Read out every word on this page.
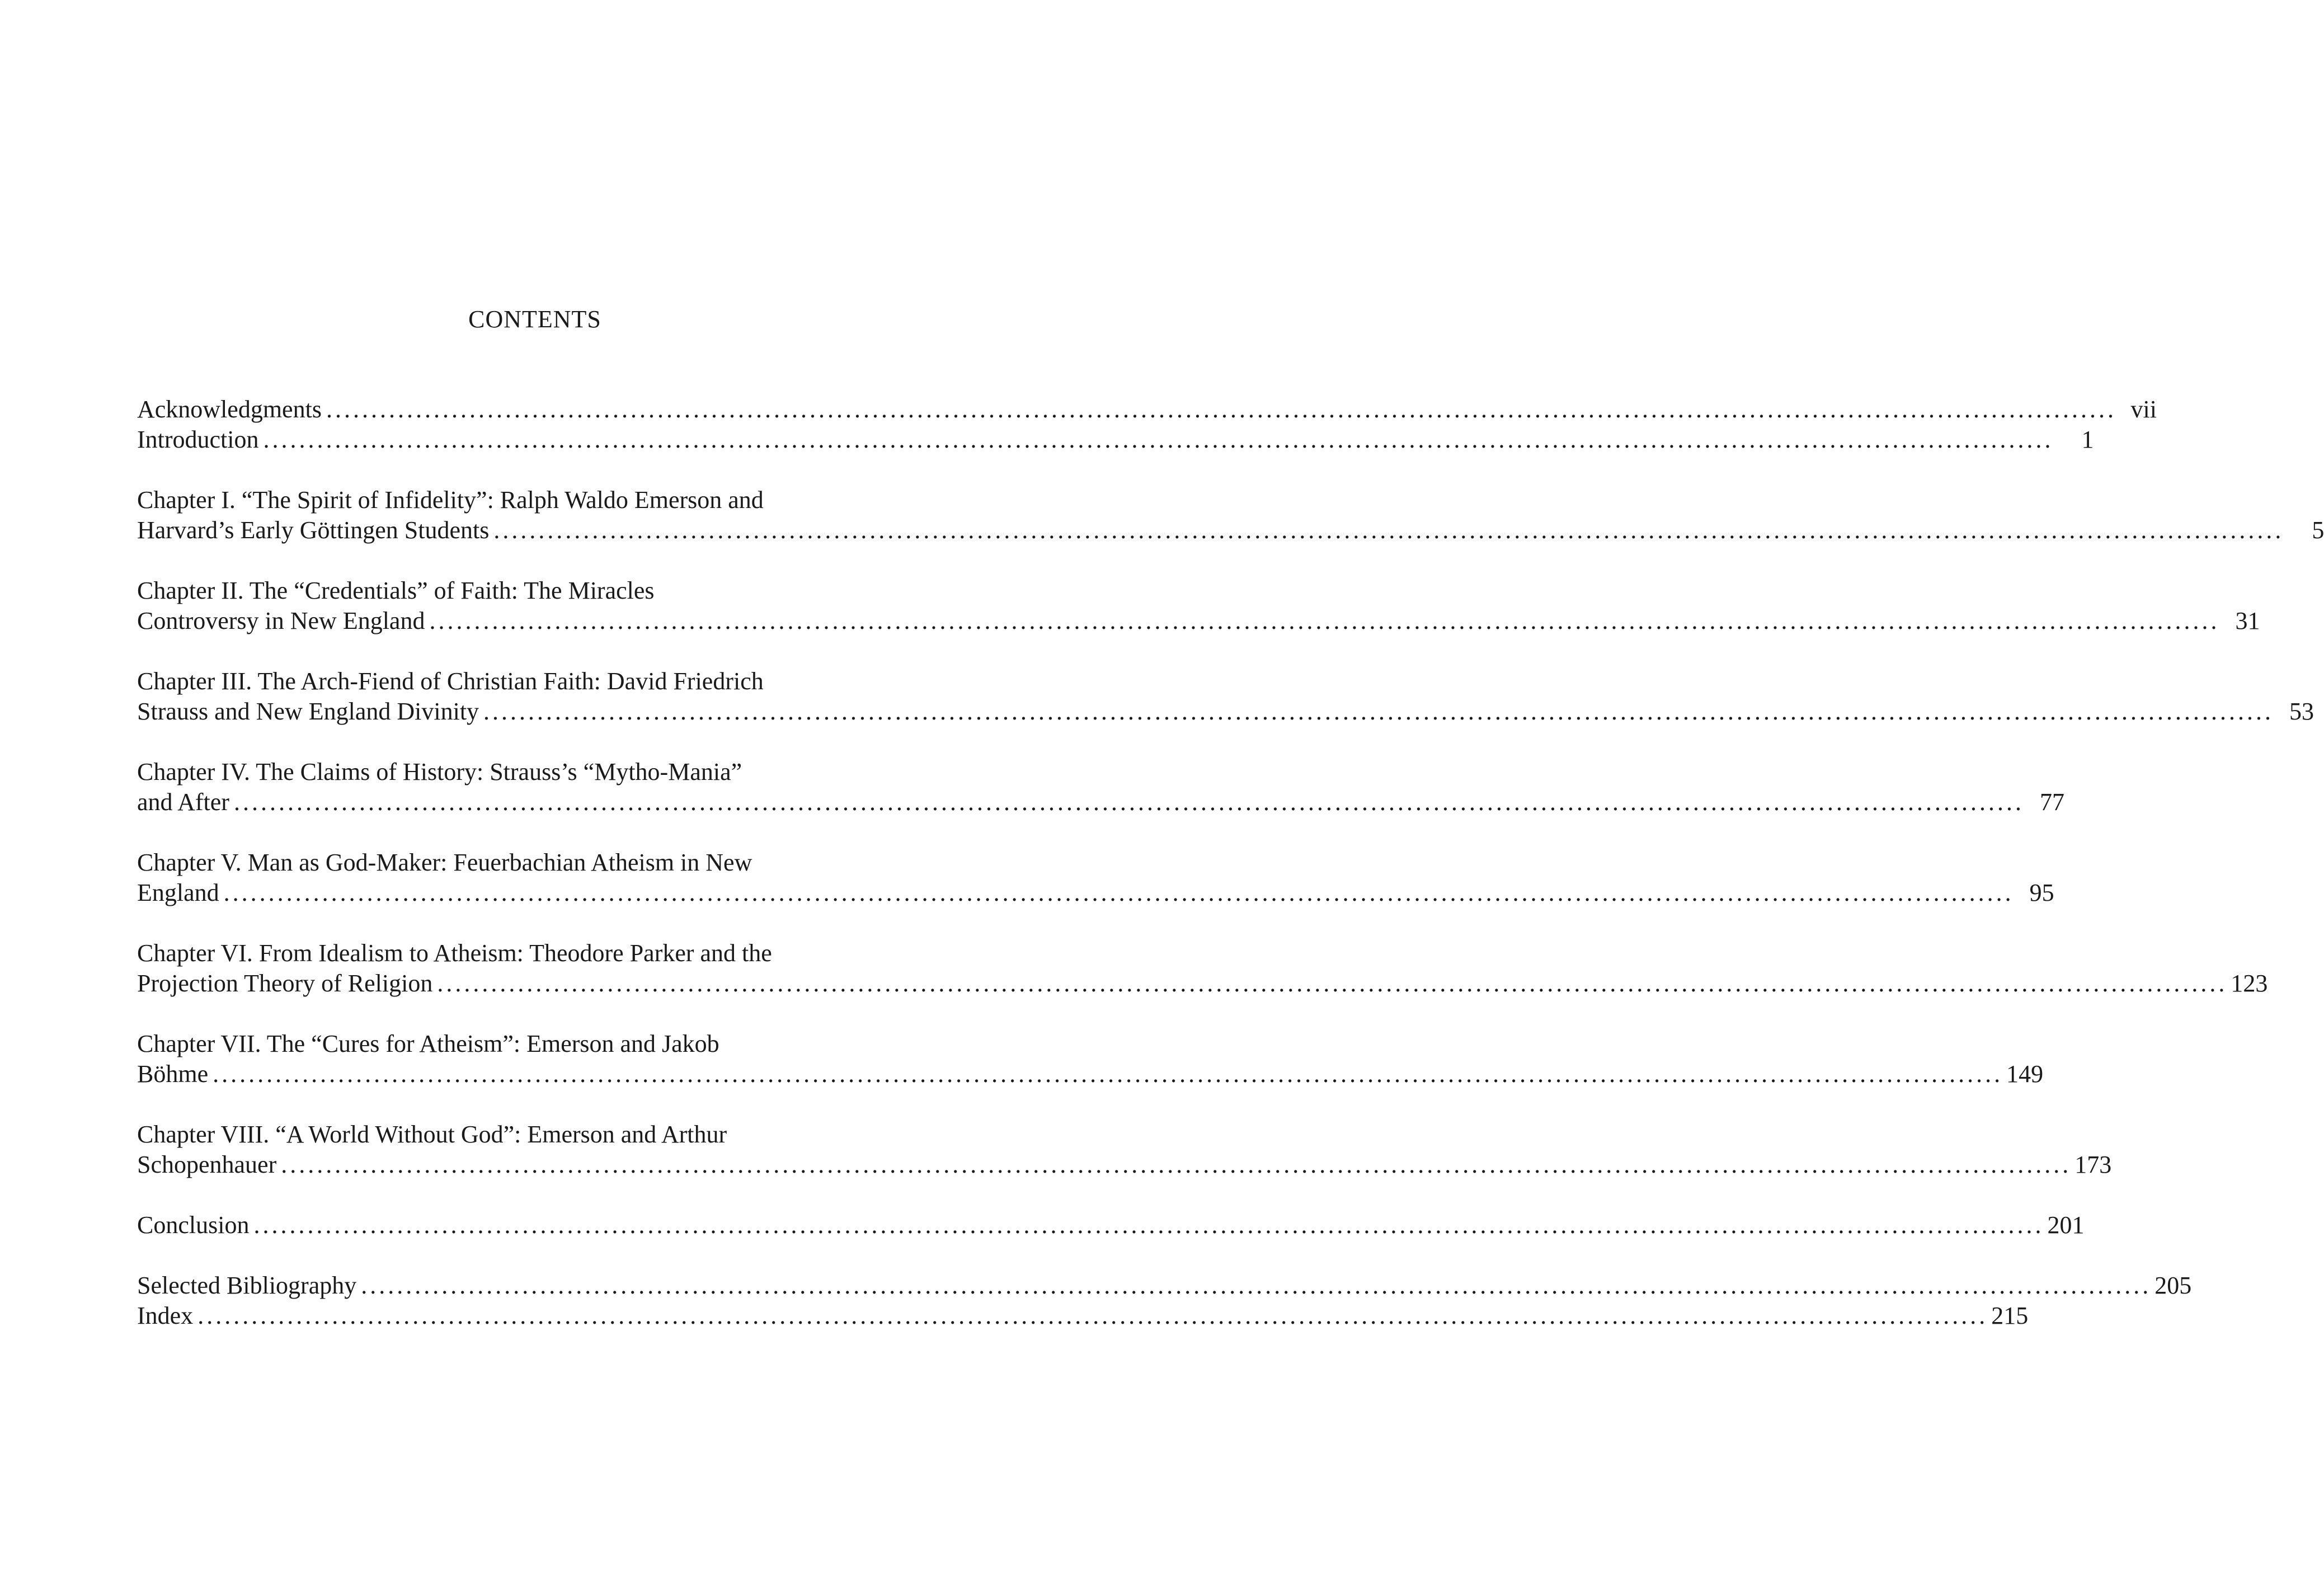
CONTENTS
Acknowledgments ........................................................................................................................................................................................................ vii
Introduction ........................................................................................................................................................................................................	1
Chapter I. “The Spirit of Infidelity”: Ralph Waldo Emerson and
Harvard’s Early Göttingen Students ........................................................................................................................................................................................................	5
Chapter II. The “Credentials” of Faith: The Miracles
Controversy in New England ........................................................................................................................................................................................................ 31
Chapter III. The Arch-Fiend of Christian Faith: David Friedrich
Strauss and New England Divinity ........................................................................................................................................................................................................ 53
Chapter IV. The Claims of History: Strauss’s “Mytho-Mania”
and After ........................................................................................................................................................................................................ 77
Chapter V. Man as God-Maker: Feuerbachian Atheism in New
England ........................................................................................................................................................................................................ 95
Chapter VI. From Idealism to Atheism: Theodore Parker and the
Projection Theory of Religion ........................................................................................................................................................................................................ 123
Chapter VII. The “Cures for Atheism”: Emerson and Jakob
Böhme ........................................................................................................................................................................................................ 149
Chapter VIII. “A World Without God”: Emerson and Arthur
Schopenhauer ........................................................................................................................................................................................................ 173
Conclusion ........................................................................................................................................................................................................ 201
Selected Bibliography ........................................................................................................................................................................................................ 205
Index ........................................................................................................................................................................................................ 215
